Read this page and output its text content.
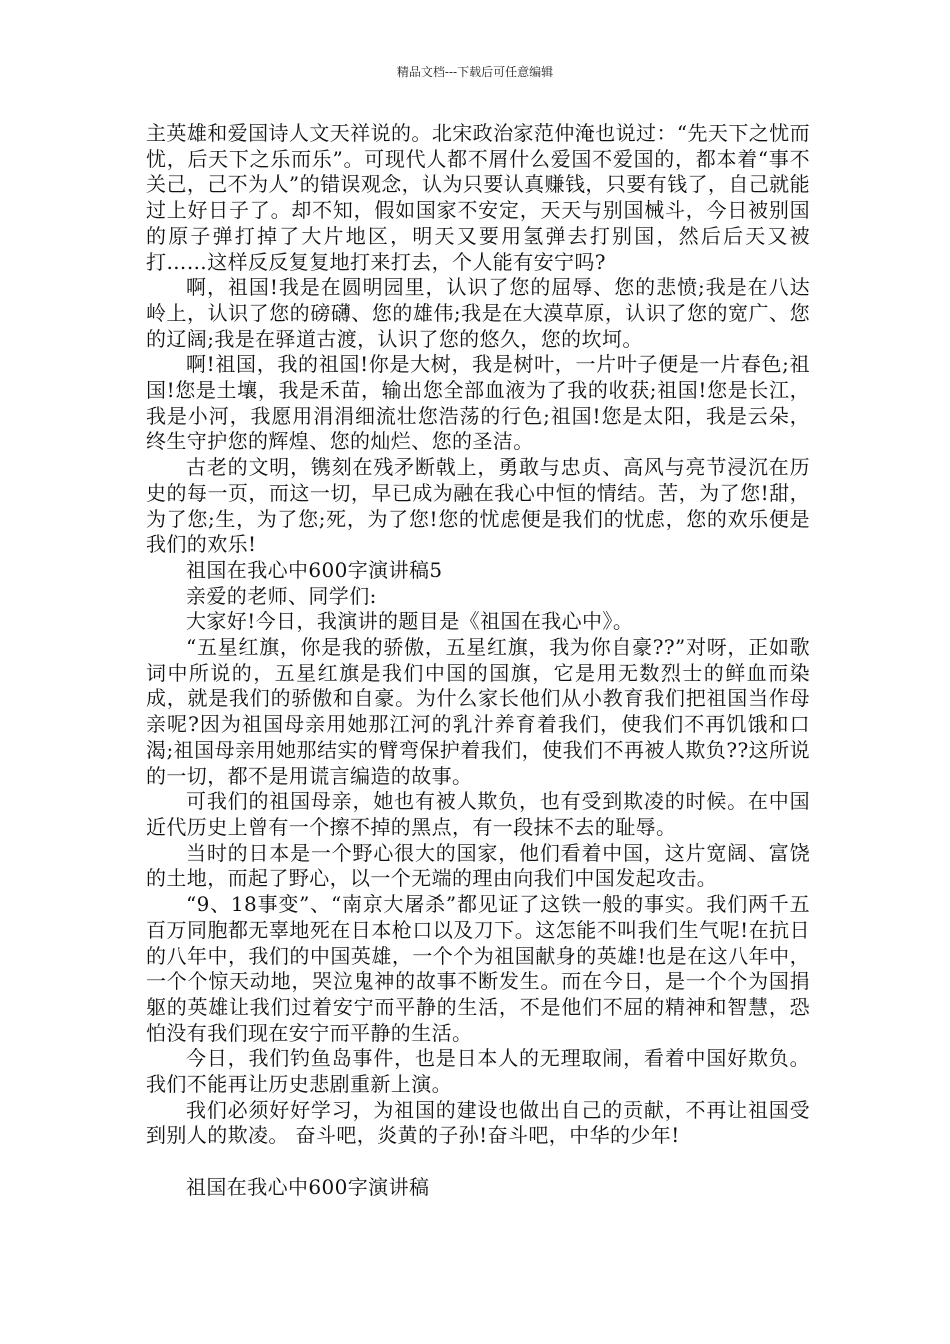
精品文档---下载后可任意编辑

主英雄和爱国诗人文天祥说的。北宋政治家范仲淹也说过：“先天下之忧而忧，后天下之乐而乐”。可现代人都不屑什么爱国不爱国的，都本着“事不关己，己不为人”的错误观念，认为只要认真赚钱，只要有钱了，自己就能过上好日子了。却不知，假如国家不安定，天天与别国械斗，今日被别国的原子弹打掉了大片地区，明天又要用氢弹去打别国，然后后天又被打……这样反反复复地打来打去，个人能有安宁吗?

啊，祖国!我是在圆明园里，认识了您的屈辱、您的悲愤;我是在八达岭上，认识了您的磅礴、您的雄伟;我是在大漠草原，认识了您的宽广、您的辽阔;我是在驿道古渡，认识了您的悠久，您的坎坷。

啊!祖国，我的祖国!你是大树，我是树叶，一片叶子便是一片春色;祖国!您是土壤，我是禾苗，输出您全部血液为了我的收获;祖国!您是长江，我是小河，我愿用涓涓细流壮您浩荡的行色;祖国!您是太阳，我是云朵，终生守护您的辉煌、您的灿烂、您的圣洁。

古老的文明，镌刻在残矛断戟上，勇敢与忠贞、高风与亮节浸沉在历史的每一页，而这一切，早已成为融在我心中恒的情结。苦，为了您!甜，为了您;生，为了您;死，为了您!您的忧虑便是我们的忧虑，您的欢乐便是我们的欢乐!

祖国在我心中600字演讲稿5

亲爱的老师、同学们:

大家好!今日，我演讲的题目是《祖国在我心中》。

“五星红旗，你是我的骄傲，五星红旗，我为你自豪??”对呀，正如歌词中所说的，五星红旗是我们中国的国旗，它是用无数烈士的鲜血而染成，就是我们的骄傲和自豪。为什么家长他们从小教育我们把祖国当作母亲呢?因为祖国母亲用她那江河的乳汁养育着我们，使我们不再饥饿和口渴;祖国母亲用她那结实的臂弯保护着我们，使我们不再被人欺负??这所说的一切，都不是用谎言编造的故事。

可我们的祖国母亲，她也有被人欺负，也有受到欺凌的时候。在中国近代历史上曾有一个擦不掉的黑点，有一段抹不去的耻辱。

当时的日本是一个野心很大的国家，他们看着中国，这片宽阔、富饶的土地，而起了野心，以一个无端的理由向我们中国发起攻击。

“9、18事变”、“南京大屠杀”都见证了这铁一般的事实。我们两千五百万同胞都无辜地死在日本枪口以及刀下。这怎能不叫我们生气呢!在抗日的八年中，我们的中国英雄，一个个为祖国献身的英雄!也是在这八年中，一个个惊天动地，哭泣鬼神的故事不断发生。而在今日，是一个个为国捐躯的英雄让我们过着安宁而平静的生活，不是他们不屈的精神和智慧，恐怕没有我们现在安宁而平静的生活。

今日，我们钓鱼岛事件，也是日本人的无理取闹，看着中国好欺负。我们不能再让历史悲剧重新上演。

我们必须好好学习，为祖国的建设也做出自己的贡献，不再让祖国受到别人的欺凌。 奋斗吧，炎黄的子孙!奋斗吧，中华的少年!

祖国在我心中600字演讲稿
